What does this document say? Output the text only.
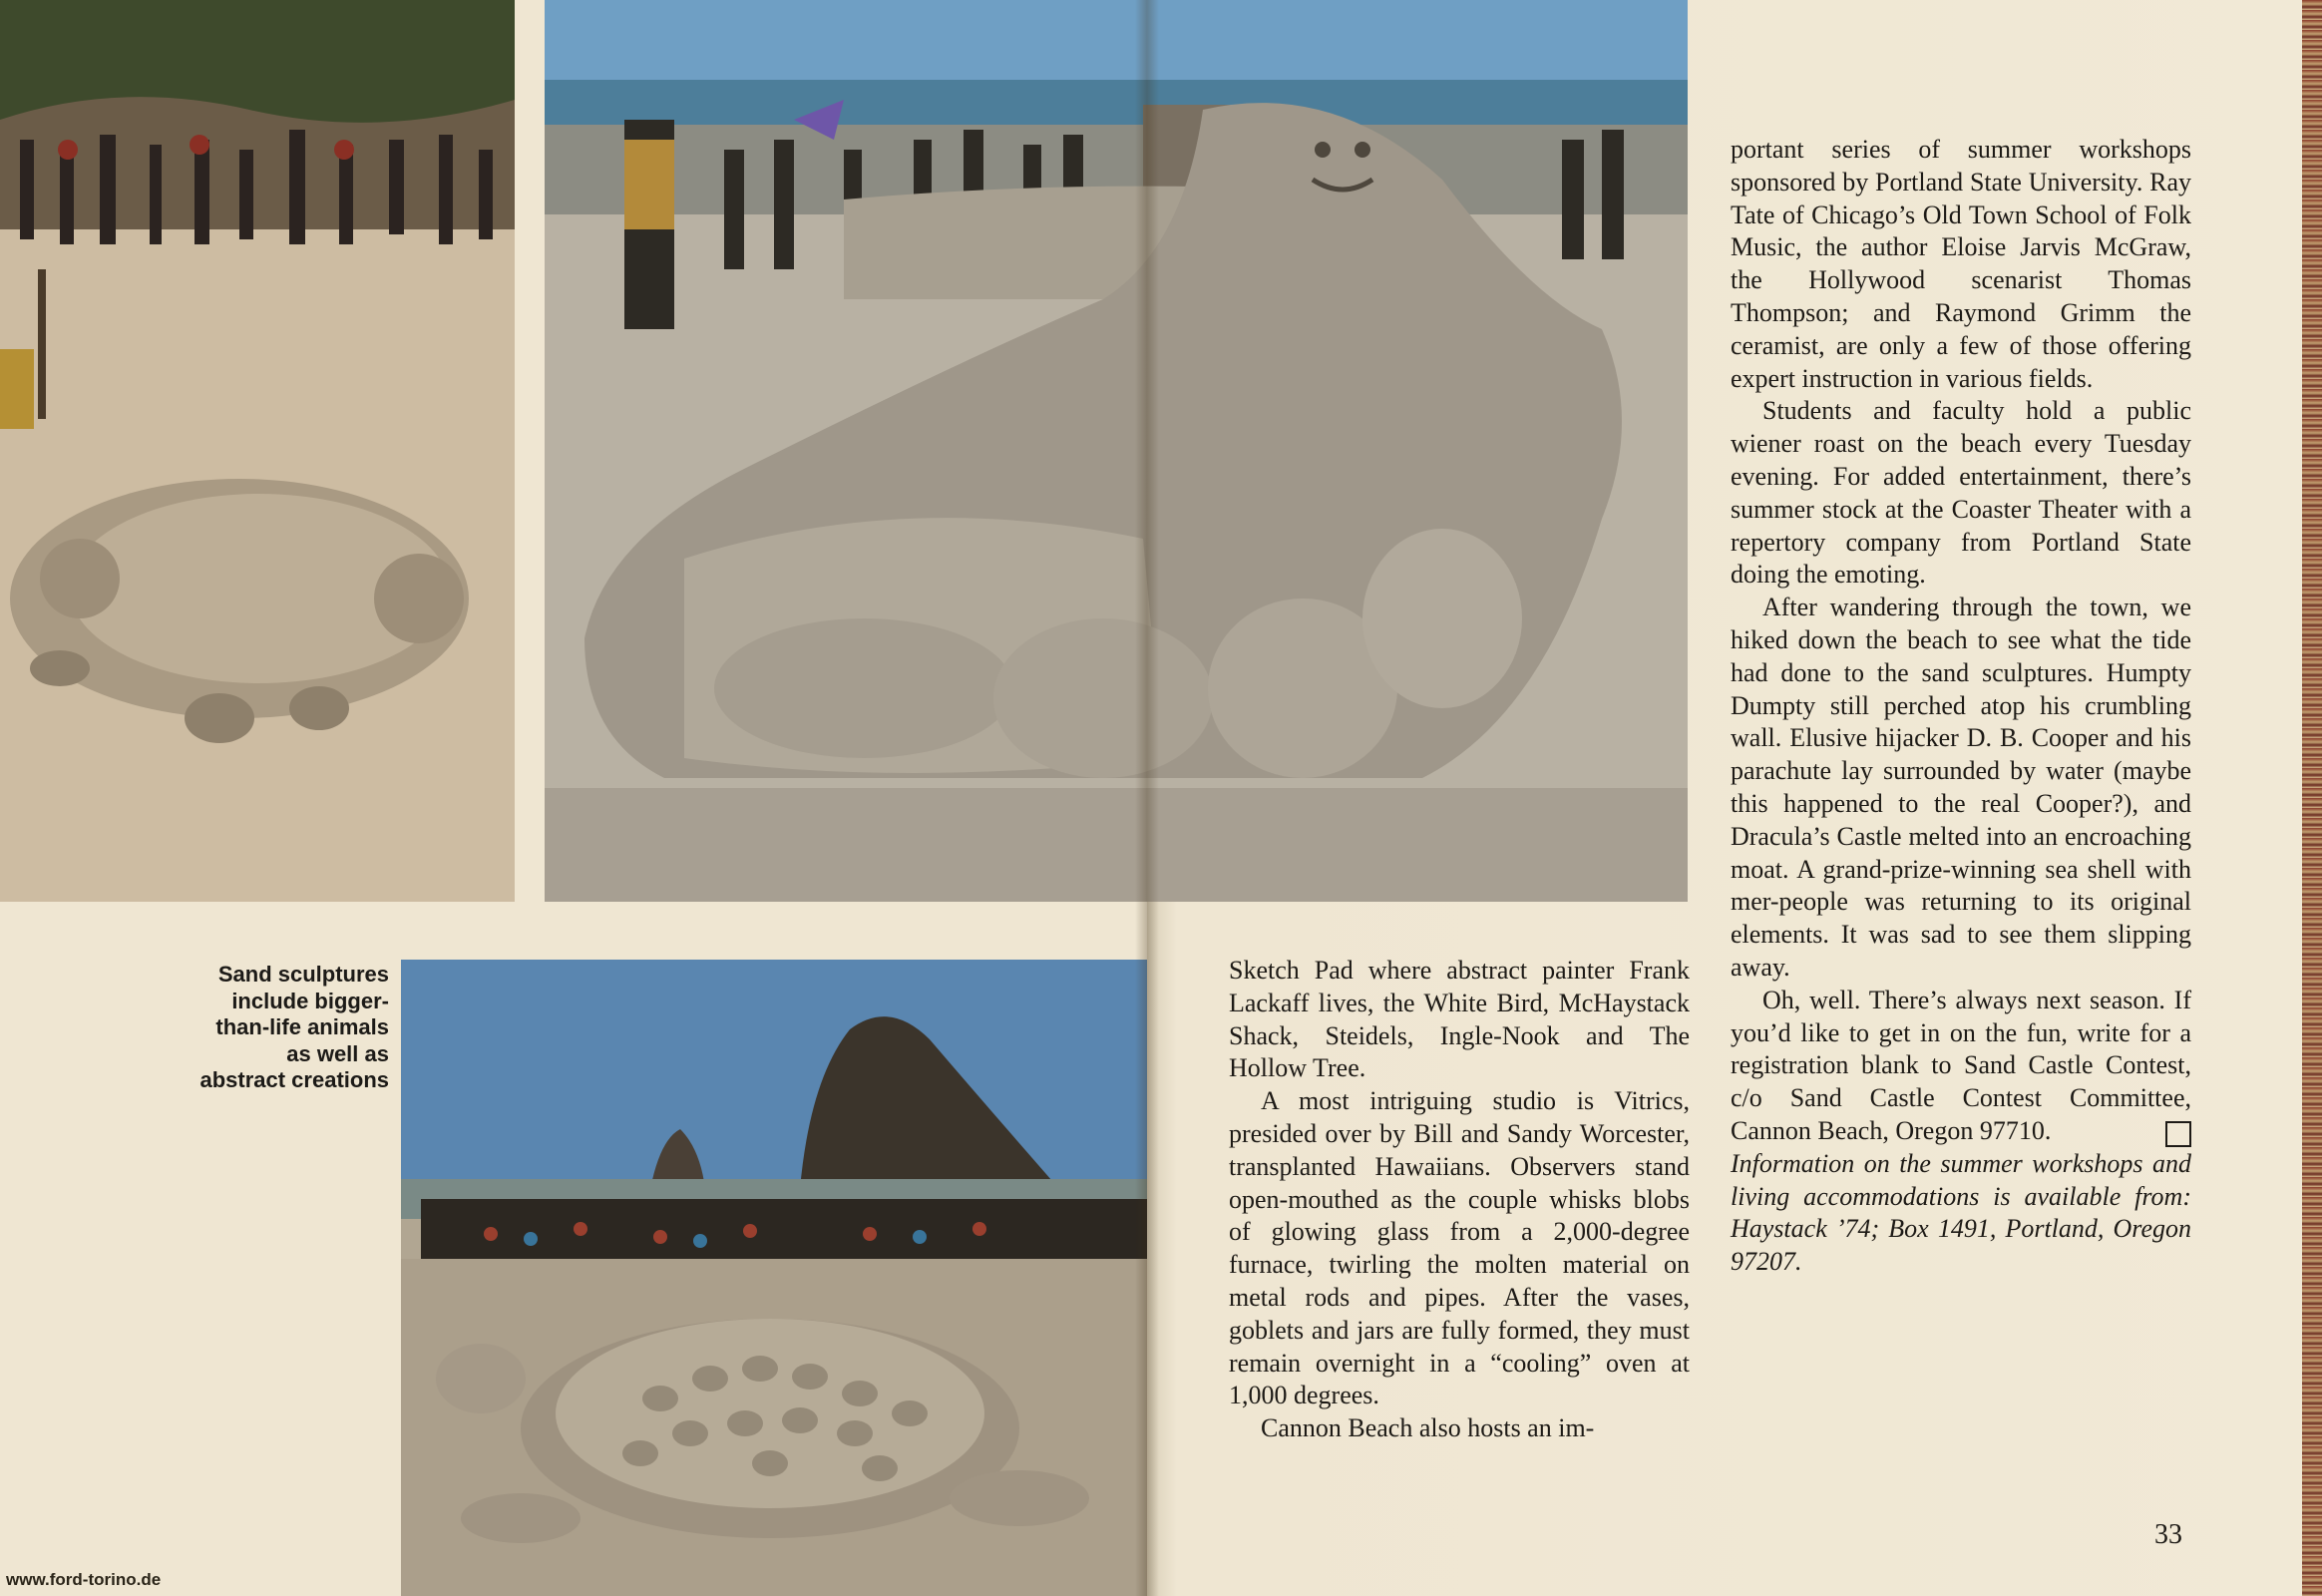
Sand sculptures
include bigger-
than-life animals
as well as
abstract creations

Sketch Pad where abstract painter Frank Lackaff lives, the White Bird, McHaystack Shack, Steidels, Ingle-Nook and The Hollow Tree.

A most intriguing studio is Vitrics, presided over by Bill and Sandy Worcester, transplanted Hawaiians. Observers stand open-mouthed as the couple whisks blobs of glowing glass from a 2,000-degree furnace, twirling the molten material on metal rods and pipes. After the vases, goblets and jars are fully formed, they must remain overnight in a “cooling” oven at 1,000 degrees.

Cannon Beach also hosts an im-

portant series of summer workshops sponsored by Portland State University. Ray Tate of Chicago’s Old Town School of Folk Music, the author Eloise Jarvis McGraw, the Hollywood scenarist Thomas Thompson; and Raymond Grimm the ceramist, are only a few of those offering expert instruction in various fields.

Students and faculty hold a public wiener roast on the beach every Tuesday evening. For added entertainment, there’s summer stock at the Coaster Theater with a repertory company from Portland State doing the emoting.

After wandering through the town, we hiked down the beach to see what the tide had done to the sand sculptures. Humpty Dumpty still perched atop his crumbling wall. Elusive hijacker D. B. Cooper and his parachute lay surrounded by water (maybe this happened to the real Cooper?), and Dracula’s Castle melted into an encroaching moat. A grand-prize-winning sea shell with mer-people was returning to its original elements. It was sad to see them slipping away.

Oh, well. There’s always next season. If you’d like to get in on the fun, write for a registration blank to Sand Castle Contest, c/o Sand Castle Contest Committee, Cannon Beach, Oregon 97710.

Information on the summer workshops and living accommodations is available from: Haystack ’74; Box 1491, Portland, Oregon 97207.

33
www.ford-torino.de
